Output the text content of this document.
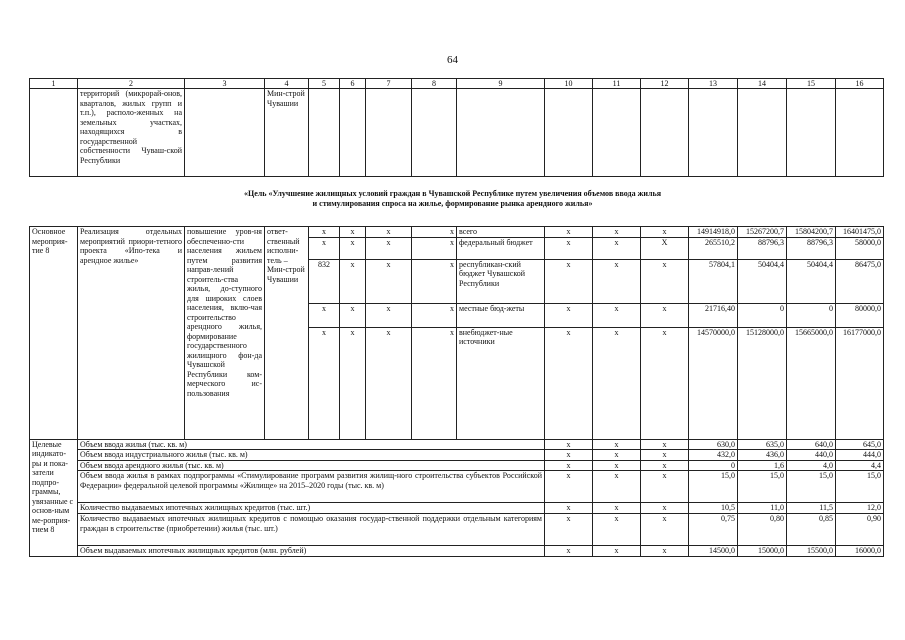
64
1	2	3	4	5	6	7	8	9	10	11	12	13	14	15	16
	территорий (микрорай-онов, кварталов, жилых групп и т.п.), располо-женных на земельных участках, находящихся в государственной собственности Чуваш-ской Республики		Мин-строй Чувашии												
«Цель «Улучшение жилищных условий граждан в Чувашской Республике путем увеличения объемов ввода жилья
и стимулирования спроса на жилье, формирование рынка арендного жилья»
Основное мероприя-тие 8	Реализация отдельных мероприятий приори-тетного проекта «Ипо-тека и арендное жилье»	повышение уров-ня обеспеченно-сти населения жильем путем развития направ-лений строитель-ства жилья, до-ступного для широких слоев населения, вклю-чая строительство арендного жилья, формирование государственного жилищного фон-да Чувашской Республики ком-мерческого ис-пользования	ответ-ственный исполни-тель – Мин-строй Чувашии	x	x	x	x	всего	x	x	x	14914918,0	15267200,7	15804200,7	16401475,0
				x	x	x	x	федеральный бюджет	x	x	X	265510,2	88796,3	88796,3	58000,0
				832	x	x	x	республикан-ский бюджет Чувашской Республики	x	x	x	57804,1	50404,4	50404,4	86475,0
				x	x	x	x	местные бюд-жеты	x	x	x	21716,40	0	0	80000,0
				x	x	x	x	внебюджет-ные источники	x	x	x	14570000,0	15128000,0	15665000,0	16177000,0
Целевые индикато-ры и пока-затели подпро-граммы, увязанные с основ-ным ме-роприя-тием 8	Объем ввода жилья (тыс. кв. м)								x	x	x	630,0	635,0	640,0	645,0
	Объем ввода индустриального жилья (тыс. кв. м)								x	x	x	432,0	436,0	440,0	444,0
	Объем ввода арендного жилья (тыс. кв. м)								x	x	x	0	1,6	4,0	4,4
	Объем ввода жилья в рамках подпрограммы «Стимулирование программ развития жилищ-ного строительства субъектов Российской Федерации» федеральной целевой программы «Жилище» на 2015–2020 годы (тыс. кв. м)								x	x	x	15,0	15,0	15,0	15,0
	Количество выдаваемых ипотечных жилищных кредитов (тыс. шт.)								x	x	x	10,5	11,0	11,5	12,0
	Количество выдаваемых ипотечных жилищных кредитов с помощью оказания государ-ственной поддержки отдельным категориям граждан в строительстве (приобретении) жилья (тыс. шт.)								x	x	x	0,75	0,80	0,85	0,90
	Объем выдаваемых ипотечных жилищных кредитов (млн. рублей)								x	x	x	14500,0	15000,0	15500,0	16000,0
